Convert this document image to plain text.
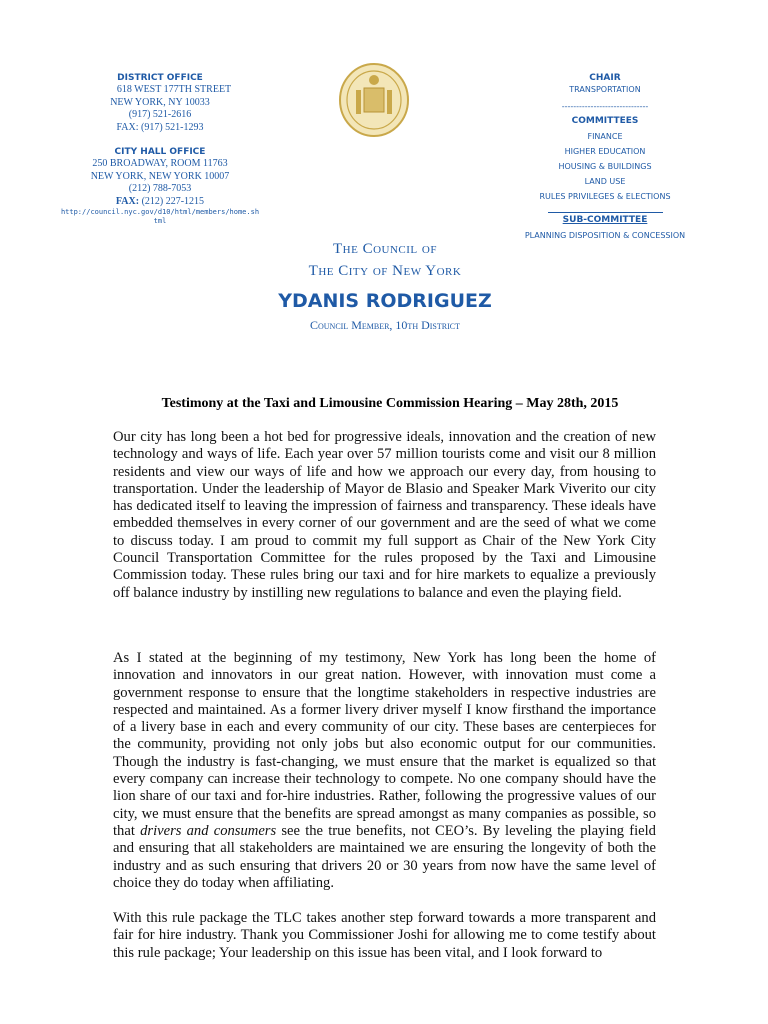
DISTRICT OFFICE
618 WEST 177TH STREET
NEW YORK, NY 10033
(917) 521-2616
FAX: (917) 521-1293
CITY HALL OFFICE
250 BROADWAY, ROOM 11763
NEW YORK, NEW YORK 10007
(212) 788-7053
FAX: (212) 227-1215
http://council.nyc.gov/d10/html/members/home.shtml
CHAIR
TRANSPORTATION
------------------------------
COMMITTEES
FINANCE
HIGHER EDUCATION
HOUSING & BUILDINGS
LAND USE
RULES PRIVILEGES & ELECTIONS
SUB-COMMITTEE
PLANNING DISPOSITION & CONCESSION
The Council of
The City of New York
YDANIS RODRIGUEZ
Council Member, 10th District
Testimony at the Taxi and Limousine Commission Hearing – May 28th, 2015

Our city has long been a hot bed for progressive ideals, innovation and the creation of new technology and ways of life. Each year over 57 million tourists come and visit our 8 million residents and view our ways of life and how we approach our every day, from housing to transportation. Under the leadership of Mayor de Blasio and Speaker Mark Viverito our city has dedicated itself to leaving the impression of fairness and transparency. These ideals have embedded themselves in every corner of our government and are the seed of what we come to discuss today. I am proud to commit my full support as Chair of the New York City Council Transportation Committee for the rules proposed by the Taxi and Limousine Commission today. These rules bring our taxi and for hire markets to equalize a previously off balance industry by instilling new regulations to balance and even the playing field.

As I stated at the beginning of my testimony, New York has long been the home of innovation and innovators in our great nation. However, with innovation must come a government response to ensure that the longtime stakeholders in respective industries are respected and maintained. As a former livery driver myself I know firsthand the importance of a livery base in each and every community of our city. These bases are centerpieces for the community, providing not only jobs but also economic output for our communities. Though the industry is fast-changing, we must ensure that the market is equalized so that every company can increase their technology to compete. No one company should have the lion share of our taxi and for-hire industries. Rather, following the progressive values of our city, we must ensure that the benefits are spread amongst as many companies as possible, so that drivers and consumers see the true benefits, not CEO’s. By leveling the playing field and ensuring that all stakeholders are maintained we are ensuring the longevity of both the industry and as such ensuring that drivers 20 or 30 years from now have the same level of choice they do today when affiliating.

With this rule package the TLC takes another step forward towards a more transparent and fair for hire industry. Thank you Commissioner Joshi for allowing me to come testify about this rule package; Your leadership on this issue has been vital, and I look forward to
